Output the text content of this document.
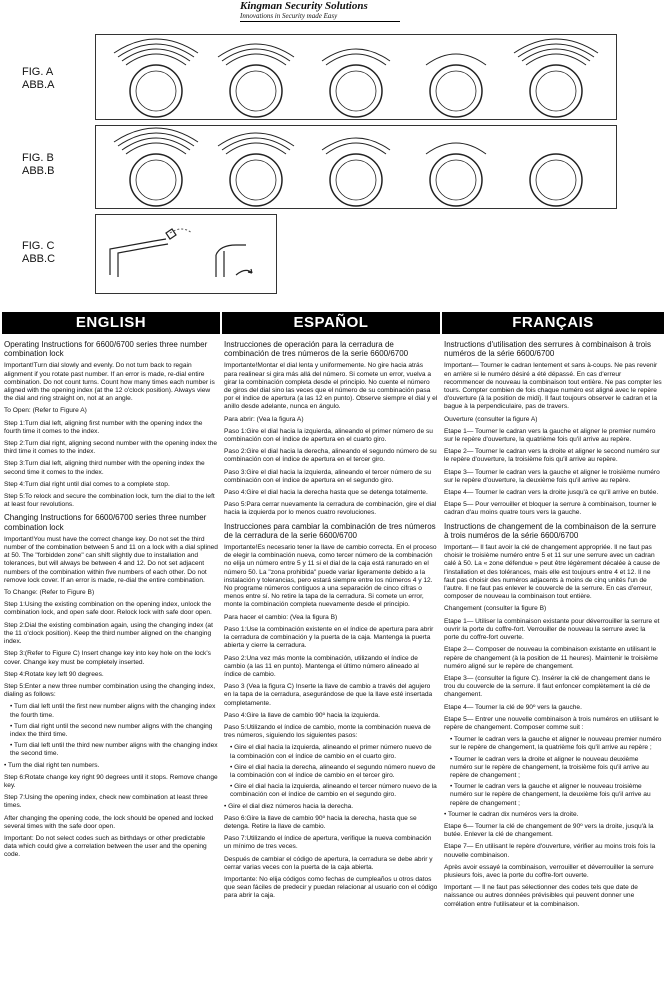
Kingman Security Solutions
Innovations in Security made Easy
FIG. A
ABB.A
FIG. B
ABB.B
FIG. C
ABB.C
ENGLISH	ESPAÑOL	FRANÇAIS
Operating Instructions for 6600/6700 series three number combination lock

Important!Turn dial slowly and evenly. Do not turn back to regain alignment if you rotate past number. If an error is made, re-dial entire combination. Do not count turns. Count how many times each number is aligned with the opening index (at the 12 o'clock position). Always view the dial and ring straight on, not at an angle.

To Open: (Refer to Figure A)

Step 1:Turn dial left, aligning first number with the opening index the fourth time it comes to the index.

Step 2:Turn dial right, aligning second number with the opening index the third time it comes to the index.

Step 3:Turn dial left, aligning third number with the opening index the second time it comes to the index.

Step 4:Turn dial right until dial comes to a complete stop.

Step 5:To relock and secure the combination lock, turn the dial to the left at least four revolutions.

Changing Instructions for 6600/6700 series three number combination lock

Important!You must have the correct change key. Do not set the third number of the combination between 5 and 11 on a lock with a dial splined at 50. The "forbidden zone" can shift slightly due to installation and tolerances, but will always be between 4 and 12. Do not set adjacent numbers of the combination within five numbers of each other. Do not remove lock cover. If an error is made, re-dial the entire combination.

To Change: (Refer to Figure B)

Step 1:Using the existing combination on the opening index, unlock the combination lock, and open safe door. Relock lock with safe door open.

Step 2:Dial the existing combination again, using the changing index (at the 11 o'clock position). Keep the third number aligned on the changing index.

Step 3:(Refer to Figure C) Insert change key into key hole on the lock's cover. Change key must be completely inserted.

Step 4:Rotate key left 90 degrees.

Step 5:Enter a new three number combination using the changing index, dialing as follows:

• Turn dial left until the first new number aligns with the changing index the fourth time.

• Turn dial right until the second new number aligns with the changing index the third time.

• Turn dial left until the third new number aligns with the changing index the second time.

• Turn the dial right ten numbers.

Step 6:Rotate change key right 90 degrees until it stops. Remove change key.

Step 7:Using the opening index, check new combination at least three times.

After changing the opening code, the lock should be opened and locked several times with the safe door open.

Important: Do not select codes such as birthdays or other predictable data which could give a correlation between the user and the opening code.

Instrucciones de operación para la cerradura de combinación de tres números de la serie 6600/6700

Importante!Montar el dial lenta y uniformemente. No gire hacia atrás para realinear si gira más allá del número. Si comete un error, vuelva a girar la combinación completa desde el principio. No cuente el número de giros del dial sino las veces que el número de su combinación pasa por el índice de apertura (a las 12 en punto). Observe siempre el dial y el anillo desde adelante, nunca en ángulo.

Para abrir: (Vea la figura A)

Paso 1:Gire el dial hacia la izquierda, alineando el primer número de su combinación con el índice de apertura en el cuarto giro.

Paso 2:Gire el dial hacia la derecha, alineando el segundo número de su combinación con el índice de apertura en el tercer giro.

Paso 3:Gire el dial hacia la izquierda, alineando el tercer número de su combinación con el índice de apertura en el segundo giro.

Paso 4:Gire el dial hacia la derecha hasta que se detenga totalmente.

Paso 5:Para cerrar nuevamente la cerradura de combinación, gire el dial hacia la izquierda por lo menos cuatro revoluciones.

Instrucciones para cambiar la combinación de tres números de la cerradura de la serie 6600/6700

Importante!Es necesario tener la llave de cambio correcta. En el proceso de elegir la combinación nueva, como tercer número de la combinación no elija un número entre 5 y 11 si el dial de la caja está ranurado en el número 50. La "zona prohibida" puede variar ligeramente debido a la instalación y tolerancias, pero estará siempre entre los números 4 y 12. No programe números contiguos a una separación de cinco cifras o menos entre sí. No retire la tapa de la cerradura. Si comete un error, monte la combinación completa nuevamente desde el principio.

Para hacer el cambio: (Vea la figura B)

Paso 1:Use la combinación existente en el índice de apertura para abrir la cerradura de combinación y la puerta de la caja. Mantenga la puerta abierta y cierre la cerradura.

Paso 2:Una vez más monte la combinación, utilizando el índice de cambio (a las 11 en punto). Mantenga el último número alineado al índice de cambio.

Paso 3 (Vea la figura C) Inserte la llave de cambio a través del agujero en la tapa de la cerradura, asegurándose de que la llave esté insertada completamente.

Paso 4:Gire la llave de cambio 90º hacia la izquierda.

Paso 5:Utilizando el índice de cambio, monte la combinación nueva de tres números, siguiendo los siguientes pasos:

• Gire el dial hacia la izquierda, alineando el primer número nuevo de la combinación con el índice de cambio en el cuarto giro.

• Gire el dial hacia la derecha, alineando el segundo número nuevo de la combinación con el índice de cambio en el tercer giro.

• Gire el dial hacia la izquierda, alineando el tercer número nuevo de la combinación con el índice de cambio en el segundo giro.

• Gire el dial diez números hacia la derecha.

Paso 6:Gire la llave de cambio 90º hacia la derecha, hasta que se detenga. Retire la llave de cambio.

Paso 7:Utilizando el índice de apertura, verifique la nueva combinación un mínimo de tres veces.

Después de cambiar el código de apertura, la cerradura se debe abrir y cerrar varias veces con la puerta de la caja abierta.

Importante: No elija códigos como fechas de cumpleaños u otros datos que sean fáciles de predecir y puedan relacionar al usuario con el código para abrir la caja.

Instructions d'utilisation des serrures à combinaison à trois numéros de la série 6600/6700

Important— Tourner le cadran lentement et sans à-coups. Ne pas revenir en arrière si le numéro désiré a été dépassé. En cas d'erreur recommencer de nouveau la combinaison tout entière. Ne pas compter les tours. Compter combien de fois chaque numéro est aligné avec le repère d'ouverture (à la position de midi). Il faut toujours observer le cadran et la bague à la perpendiculaire, pas de travers.

Ouverture (consulter la figure A)

Etape 1— Tourner le cadran vers la gauche et aligner le premier numéro sur le repère d'ouverture, la quatrième fois qu'il arrive au repère.

Etape 2— Tourner le cadran vers la droite et aligner le second numéro sur le repère d'ouverture, la troisième fois qu'il arrive au repère.

Etape 3— Tourner le cadran vers la gauche et aligner le troisième numéro sur le repère d'ouverture, la deuxième fois qu'il arrive au repère.

Etape 4— Tourner le cadran vers la droite jusqu'à ce qu'il arrive en butée.

Etape 5— Pour verrouiller et bloquer la serrure à combinaison, tourner le cadran d'au moins quatre tours vers la gauche.

Instructions de changement de la combinaison de la serrure à trois numéros de la série 6600/6700

Important— Il faut avoir la clé de changement appropriée. Il ne faut pas choisir le troisième numéro entre 5 et 11 sur une serrure avec un cadran calé à 50. La « zone défendue » peut être légèrement décalée à cause de l'installation et des tolérances, mais elle est toujours entre 4 et 12. Il ne faut pas choisir des numéros adjacents à moins de cinq unités l'un de l'autre. Il ne faut pas enlever le couvercle de la serrure. En cas d'erreur, composer de nouveau la combinaison tout entière.

Changement (consulter la figure B)

Etape 1— Utiliser la combinaison existante pour déverrouiller la serrure et ouvrir la porte du coffre-fort. Verrouiller de nouveau la serrure avec la porte du coffre-fort ouverte.

Etape 2— Composer de nouveau la combinaison existante en utilisant le repère de changement (à la position de 11 heures). Maintenir le troisième numéro aligné sur le repère de changement.

Etape 3— (consulter la figure C). Insérer la clé de changement dans le trou du couvercle de la serrure. Il faut enfoncer complètement la clé de changement.

Etape 4— Tourner la clé de 90º vers la gauche.

Etape 5— Entrer une nouvelle combinaison à trois numéros en utilisant le repère de changement. Composer comme suit :

• Tourner le cadran vers la gauche et aligner le nouveau premier numéro sur le repère de changement, la quatrième fois qu'il arrive au repère ;

• Tourner le cadran vers la droite et aligner le nouveau deuxième numéro sur le repère de changement, la troisième fois qu'il arrive au repère de changement ;

• Tourner le cadran vers la gauche et aligner le nouveau troisième numéro sur le repère de changement, la deuxième fois qu'il arrive au repère de changement ;

• Tourner le cadran dix numéros vers la droite.

Etape 6— Tourner la clé de changement de 90º vers la droite, jusqu'à la butée. Enlever la clé de changement.

Etape 7— En utilisant le repère d'ouverture, vérifier au moins trois fois la nouvelle combinaison.

Après avoir essayé la combinaison, verrouiller et déverrouiller la serrure plusieurs fois, avec la porte du coffre-fort ouverte.

Important — Il ne faut pas sélectionner des codes tels que date de naissance ou autres données prévisibles qui peuvent donner une corrélation entre l'utilisateur et la combinaison.
